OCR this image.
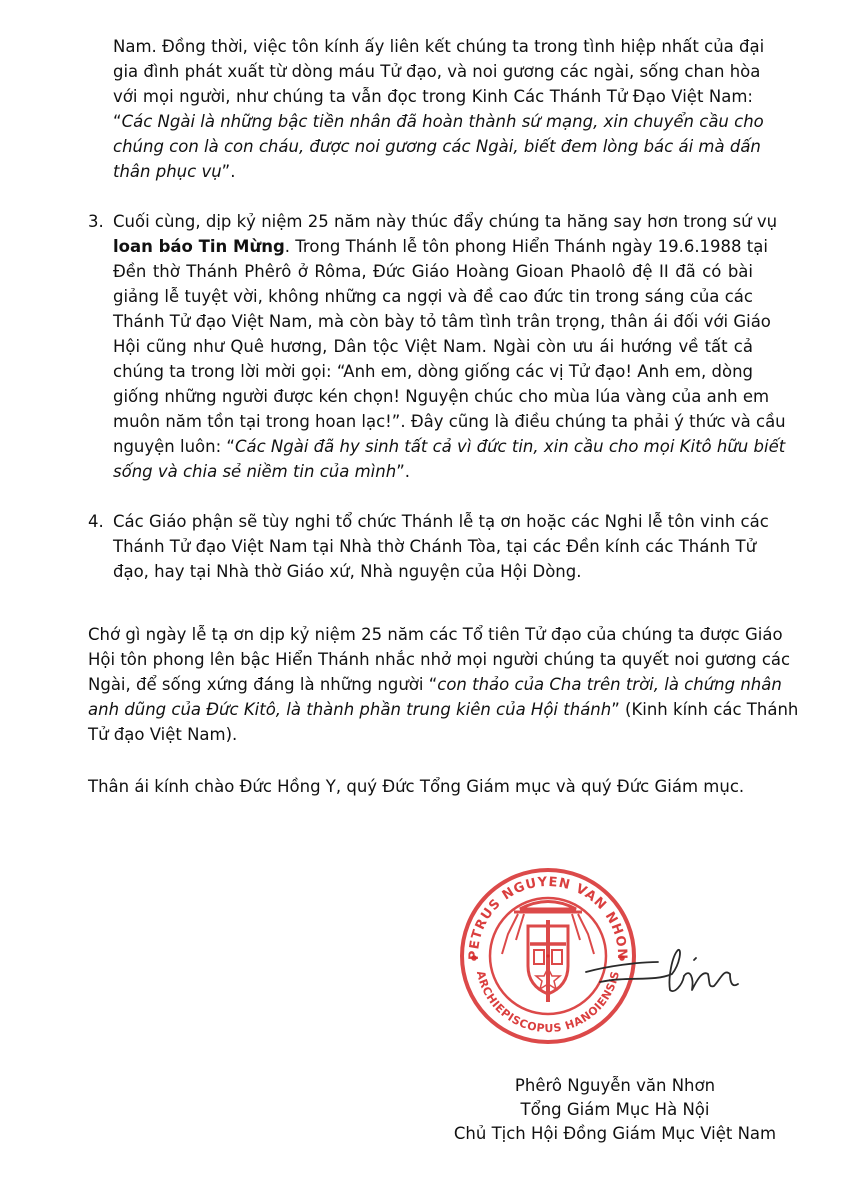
Nam. Đồng thời, việc tôn kính ấy liên kết chúng ta trong tình hiệp nhất của đại
gia đình phát xuất từ dòng máu Tử đạo, và noi gương các ngài, sống chan hòa
với mọi người, như chúng ta vẫn đọc trong Kinh Các Thánh Tử Đạo Việt Nam:
“Các Ngài là những bậc tiền nhân đã hoàn thành sứ mạng, xin chuyển cầu cho
chúng con là con cháu, được noi gương các Ngài, biết đem lòng bác ái mà dấn
thân phục vụ”.
3. Cuối cùng, dịp kỷ niệm 25 năm này thúc đẩy chúng ta hăng say hơn trong sứ vụ
loan báo Tin Mừng. Trong Thánh lễ tôn phong Hiển Thánh ngày 19.6.1988 tại
Đền thờ Thánh Phêrô ở Rôma, Đức Giáo Hoàng Gioan Phaolô đệ II đã có bài
giảng lễ tuyệt vời, không những ca ngợi và đề cao đức tin trong sáng của các
Thánh Tử đạo Việt Nam, mà còn bày tỏ tâm tình trân trọng, thân ái đối với Giáo
Hội cũng như Quê hương, Dân tộc Việt Nam. Ngài còn ưu ái hướng về tất cả
chúng ta trong lời mời gọi: “Anh em, dòng giống các vị Tử đạo! Anh em, dòng
giống những người được kén chọn! Nguyện chúc cho mùa lúa vàng của anh em
muôn năm tồn tại trong hoan lạc!”. Đây cũng là điều chúng ta phải ý thức và cầu
nguyện luôn: “Các Ngài đã hy sinh tất cả vì đức tin, xin cầu cho mọi Kitô hữu biết
sống và chia sẻ niềm tin của mình”.
4. Các Giáo phận sẽ tùy nghi tổ chức Thánh lễ tạ ơn hoặc các Nghi lễ tôn vinh các
Thánh Tử đạo Việt Nam tại Nhà thờ Chánh Tòa, tại các Đền kính các Thánh Tử
đạo, hay tại Nhà thờ Giáo xứ, Nhà nguyện của Hội Dòng.
Chớ gì ngày lễ tạ ơn dịp kỷ niệm 25 năm các Tổ tiên Tử đạo của chúng ta được Giáo
Hội tôn phong lên bậc Hiển Thánh nhắc nhở mọi người chúng ta quyết noi gương các
Ngài, để sống xứng đáng là những người “con thảo của Cha trên trời, là chứng nhân
anh dũng của Đức Kitô, là thành phần trung kiên của Hội thánh” (Kinh kính các Thánh
Tử đạo Việt Nam).
Thân ái kính chào Đức Hồng Y, quý Đức Tổng Giám mục và quý Đức Giám mục.
PETRUS NGUYEN VAN NHON
ARCHIEPISCOPUS HANOIENSIS
Phêrô Nguyễn văn Nhơn
Tổng Giám Mục Hà Nội
Chủ Tịch Hội Đồng Giám Mục Việt Nam
